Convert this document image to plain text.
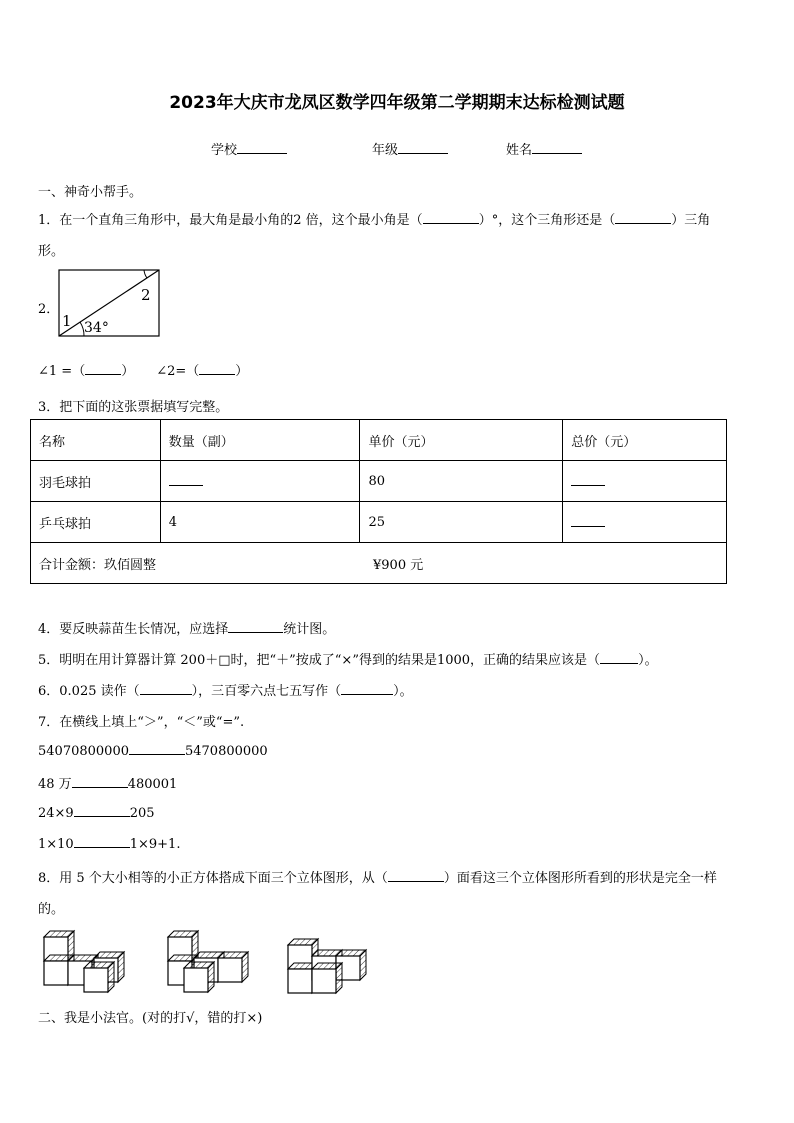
2023年大庆市龙凤区数学四年级第二学期期末达标检测试题
学校	年级	姓名
一、神奇小帮手。
1．在一个直角三角形中，最大角是最小角的2 倍，这个最小角是（	）°，这个三角形还是（	）三角
形。
2．
1
2
34°
∠1 =（	） ∠2=（	）
3．把下面的这张票据填写完整。
名称	数量（副）	单价（元）	总价（元）
羽毛球拍		80	
乒乓球拍	4	25	
合计金额：玖佰圆整 ¥900 元			
4．要反映蒜苗生长情况，应选择	统计图。
5．明明在用计算器计算 200＋□时，把“＋”按成了“×”得到的结果是1000，正确的结果应该是（	）。
6．0.025 读作（	），三百零六点七五写作（	）。
7．在横线上填上“＞”，“＜”或“=”.
54070800000	5470800000
48 万	480001
24×9	205
1×10	1×9+1.
8．用 5 个大小相等的小正方体搭成下面三个立体图形，从（	）面看这三个立体图形所看到的形状是完全一样
的。
二、我是小法官。(对的打√，错的打×)
